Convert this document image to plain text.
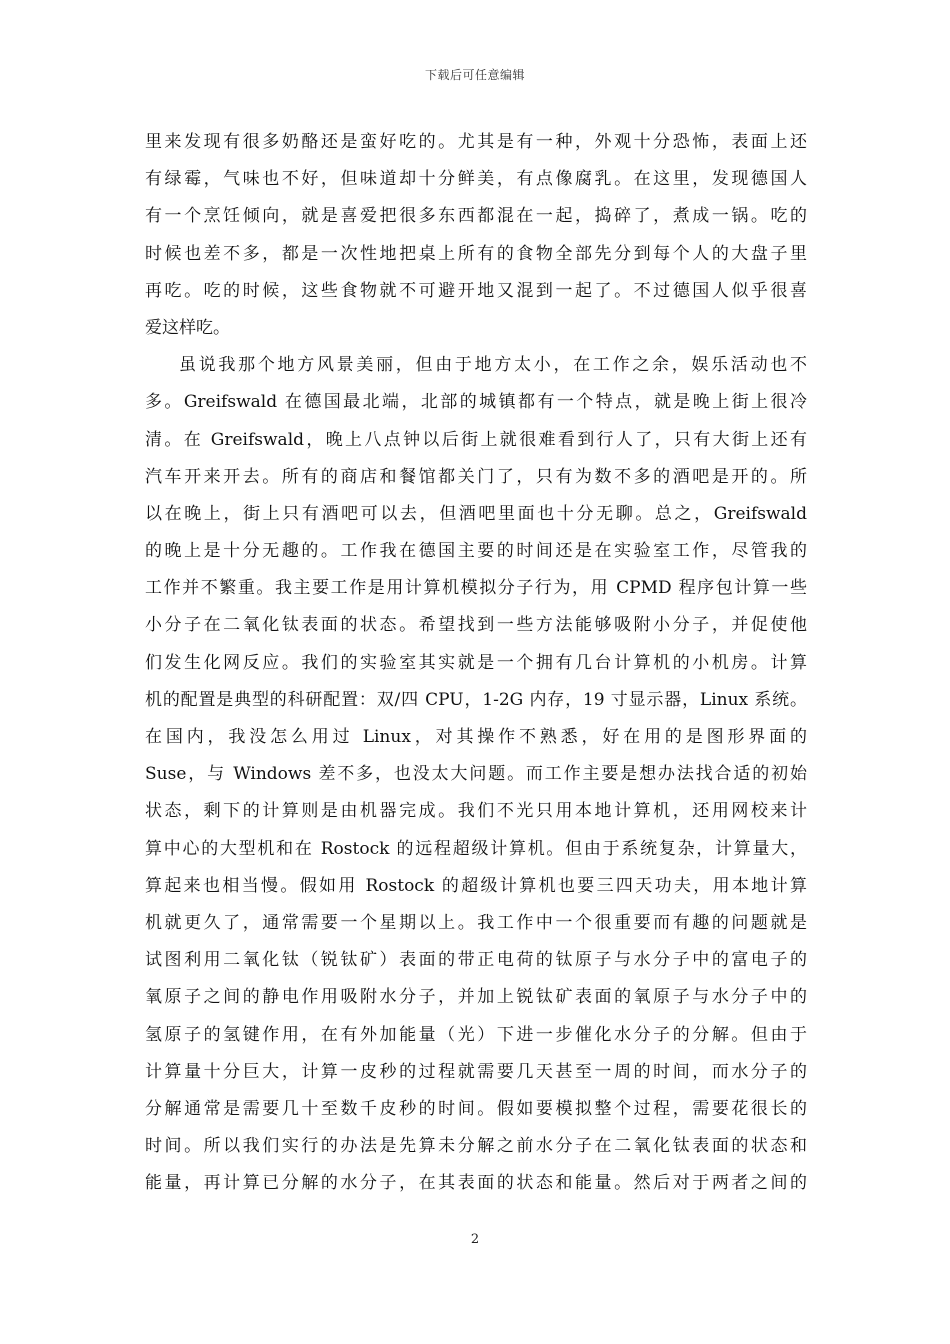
下载后可任意编辑
里来发现有很多奶酪还是蛮好吃的。尤其是有一种，外观十分恐怖，表面上还
有绿霉，气味也不好，但味道却十分鲜美，有点像腐乳。在这里，发现德国人
有一个烹饪倾向，就是喜爱把很多东西都混在一起，捣碎了，煮成一锅。吃的
时候也差不多，都是一次性地把桌上所有的食物全部先分到每个人的大盘子里
再吃。吃的时候，这些食物就不可避开地又混到一起了。不过德国人似乎很喜
爱这样吃。
虽说我那个地方风景美丽，但由于地方太小，在工作之余，娱乐活动也不
多。Greifswald 在德国最北端，北部的城镇都有一个特点，就是晚上街上很冷
清。在 Greifswald，晚上八点钟以后街上就很难看到行人了，只有大街上还有
汽车开来开去。所有的商店和餐馆都关门了，只有为数不多的酒吧是开的。所
以在晚上，街上只有酒吧可以去，但酒吧里面也十分无聊。总之，Greifswald
的晚上是十分无趣的。工作我在德国主要的时间还是在实验室工作，尽管我的
工作并不繁重。我主要工作是用计算机模拟分子行为，用 CPMD 程序包计算一些
小分子在二氧化钛表面的状态。希望找到一些方法能够吸附小分子，并促使他
们发生化网反应。我们的实验室其实就是一个拥有几台计算机的小机房。计算
机的配置是典型的科研配置：双/四 CPU，1-2G 内存，19 寸显示器，Linux 系统。
在国内，我没怎么用过 Linux，对其操作不熟悉，好在用的是图形界面的
Suse，与 Windows 差不多，也没太大问题。而工作主要是想办法找合适的初始
状态，剩下的计算则是由机器完成。我们不光只用本地计算机，还用网校来计
算中心的大型机和在 Rostock 的远程超级计算机。但由于系统复杂，计算量大，
算起来也相当慢。假如用 Rostock 的超级计算机也要三四天功夫，用本地计算
机就更久了，通常需要一个星期以上。我工作中一个很重要而有趣的问题就是
试图利用二氧化钛（锐钛矿）表面的带正电荷的钛原子与水分子中的富电子的
氧原子之间的静电作用吸附水分子，并加上锐钛矿表面的氧原子与水分子中的
氢原子的氢键作用，在有外加能量（光）下进一步催化水分子的分解。但由于
计算量十分巨大，计算一皮秒的过程就需要几天甚至一周的时间，而水分子的
分解通常是需要几十至数千皮秒的时间。假如要模拟整个过程，需要花很长的
时间。所以我们实行的办法是先算未分解之前水分子在二氧化钛表面的状态和
能量，再计算已分解的水分子，在其表面的状态和能量。然后对于两者之间的
2
